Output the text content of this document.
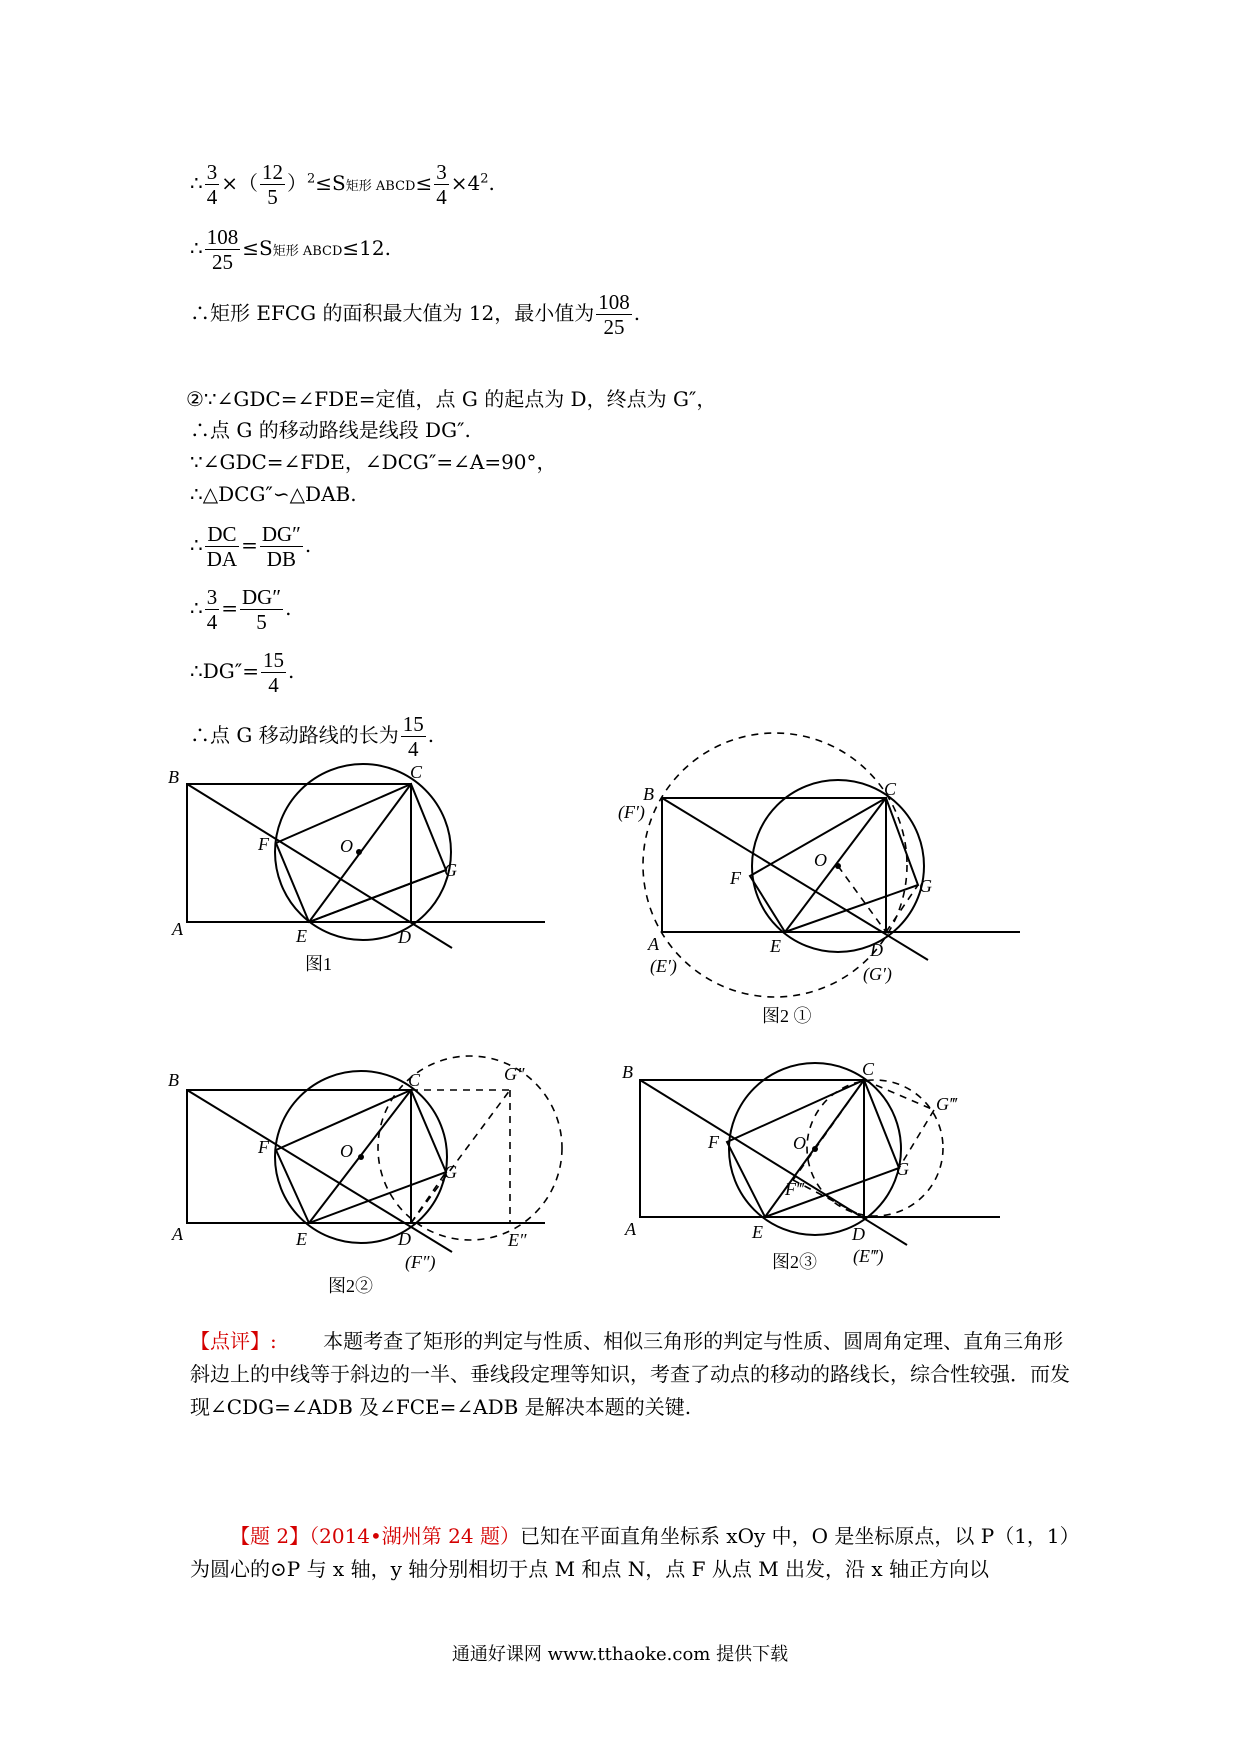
∴ $\frac{3}{4}$ ×（ $\frac{12}{5} )^2\le S$矩形 ABCD≤ $\frac{3}{4} \times 4^2$.
∴ $\frac{108}{25} \le S$矩形 ABCD≤12.
∴矩形 EFCG 的面积最大值为 12，最小值为 $\frac{108}{25}$ .
②∵∠GDC=∠FDE=定值，点 G 的起点为 D，终点为 G″，
∴点 G 的移动路线是线段 DG″.
∵∠GDC=∠FDE，∠DCG″=∠A=90°，
∴△DCG″∽△DAB.
∴ $\frac{DC}{DA} = \frac{DG''}{DB}$ .
∴ $\frac{3}{4} = \frac{DG''}{5}$ .
∴DG″= $\frac{15}{4}$ .
∴点 G 移动路线的长为 $\frac{15}{4}$ .
B
A
C
D
E
F
G
O
图1
B
(F′)
A
(E′)
C
D
(G′)
E
F	G
O
图2 ①
B
A
C
D
(F″)
E
F
G
O
G″
E″
图2②
B
A
C
D
(E‴)
E
F
G
O
G‴
F‴
图2③
【点评】: 本题考查了矩形的判定与性质、相似三角形的判定与性质、圆周角定理、直角三角形斜边上的中线等于斜边的一半、垂线段定理等知识，考查了动点的移动的路线长，综合性较强．而发现∠CDG=∠ADB 及∠FCE=∠ADB 是解决本题的关键.
【题 2】（2014•湖州第 24 题）已知在平面直角坐标系 xOy 中，O 是坐标原点，以 P（1，1）为圆心的⊙P 与 x 轴，y 轴分别相切于点 M 和点 N，点 F 从点 M 出发，沿 x 轴正方向以
通通好课网 www.tthaoke.com 提供下载
